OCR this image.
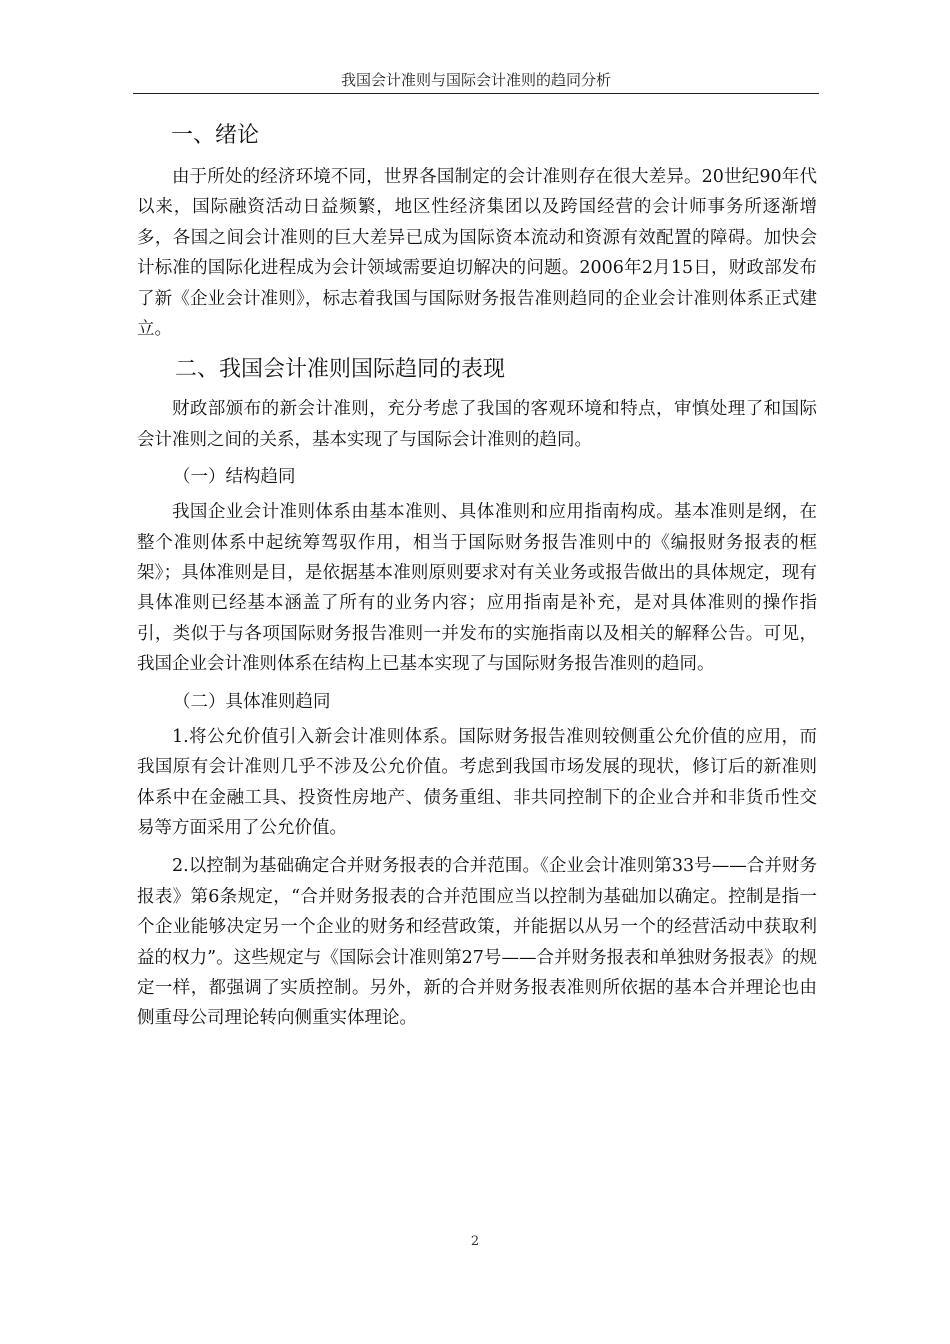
我国会计准则与国际会计准则的趋同分析
一、绪论
由于所处的经济环境不同，世界各国制定的会计准则存在很大差异。20世纪90年代以来，国际融资活动日益频繁，地区性经济集团以及跨国经营的会计师事务所逐渐增多，各国之间会计准则的巨大差异已成为国际资本流动和资源有效配置的障碍。加快会计标准的国际化进程成为会计领域需要迫切解决的问题。2006年2月15日，财政部发布了新《企业会计准则》，标志着我国与国际财务报告准则趋同的企业会计准则体系正式建立。
二、我国会计准则国际趋同的表现
财政部颁布的新会计准则，充分考虑了我国的客观环境和特点，审慎处理了和国际会计准则之间的关系，基本实现了与国际会计准则的趋同。
（一）结构趋同
我国企业会计准则体系由基本准则、具体准则和应用指南构成。基本准则是纲，在整个准则体系中起统筹驾驭作用，相当于国际财务报告准则中的《编报财务报表的框架》；具体准则是目，是依据基本准则原则要求对有关业务或报告做出的具体规定，现有具体准则已经基本涵盖了所有的业务内容；应用指南是补充，是对具体准则的操作指引，类似于与各项国际财务报告准则一并发布的实施指南以及相关的解释公告。可见，我国企业会计准则体系在结构上已基本实现了与国际财务报告准则的趋同。
（二）具体准则趋同
1.将公允价值引入新会计准则体系。国际财务报告准则较侧重公允价值的应用，而我国原有会计准则几乎不涉及公允价值。考虑到我国市场发展的现状，修订后的新准则体系中在金融工具、投资性房地产、债务重组、非共同控制下的企业合并和非货币性交易等方面采用了公允价值。
2.以控制为基础确定合并财务报表的合并范围。《企业会计准则第33号——合并财务报表》第6条规定，“合并财务报表的合并范围应当以控制为基础加以确定。控制是指一个企业能够决定另一个企业的财务和经营政策，并能据以从另一个的经营活动中获取利益的权力”。这些规定与《国际会计准则第27号——合并财务报表和单独财务报表》的规定一样，都强调了实质控制。另外，新的合并财务报表准则所依据的基本合并理论也由侧重母公司理论转向侧重实体理论。
2
